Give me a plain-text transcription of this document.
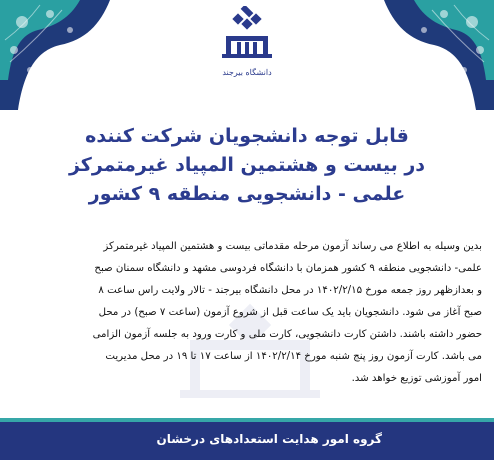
دانشگاه بیرجند
قابل توجه دانشجویان شرکت کننده
در بیست و هشتمین المپیاد غیرمتمرکز
علمی - دانشجویی منطقه ۹ کشور
بدین وسیله به اطلاع می رساند آزمون مرحله مقدماتی بیست و هشتمین المپیاد غیرمتمرکز
علمی- دانشجویی منطقه ۹ کشور همزمان با دانشگاه فردوسی مشهد و دانشگاه سمنان صبح
و بعدازظهر روز جمعه مورخ ۱۴۰۲/۲/۱۵ در محل دانشگاه بیرجند - تالار ولایت راس ساعت ۸
صبح آغاز می شود. دانشجویان باید یک ساعت قبل از شروع آزمون (ساعت ۷ صبح) در محل
حضور داشته باشند. داشتن کارت دانشجویی، کارت ملی و کارت ورود به جلسه آزمون الزامی
می باشد. کارت آزمون روز پنج شنبه مورخ ۱۴۰۲/۲/۱۴ از ساعت ۱۷ تا ۱۹ در محل مدیریت
امور آموزشی توزیع خواهد شد.
گروه امور هدایت استعدادهای درخشان
